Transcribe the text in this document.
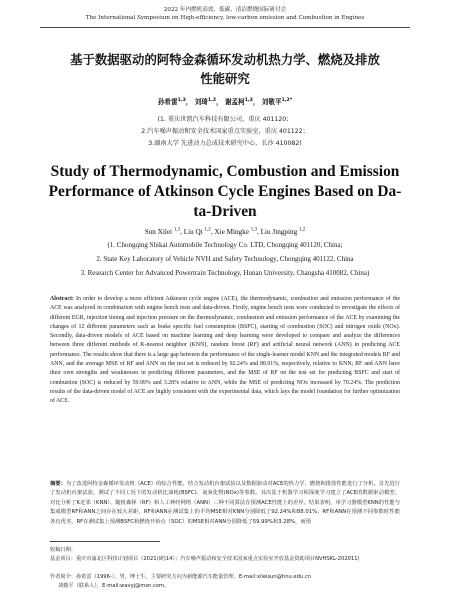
2022 年内燃机高效、低碳、清洁燃烧国际研讨会
The International Symposium on High-efficiency, low-carbon emission and Combustion in Engines
基于数据驱动的阿特金森循环发动机热力学、燃烧及排放
性能研究
孙希雷$^{1,3}$， 刘琦$^{1,2}$， 谢孟柯$^{1,3}$， 刘敬平$^{1,2*}$
(1. 重庆世凯汽车科技有限公司，重庆 401120；
2.汽车噪声振动和安全技术国家重点实验室，重庆 401122；
3.湖南大学 先进动力总成技术研究中心，长沙 410082)
Study of Thermodynamic, Combustion and Emission
Performance of Atkinson Cycle Engines Based on Da-
ta-Driven
Sun Xilei $^{1,3}$, Liu Qi $^{1,2}$, Xie Mingke $^{1,3}$, Liu Jingping $^{1,2}$
(1. Chongqing Shikai Automobile Technology Co. LTD, Chongqing 401120, China;
2. State Key Laboratory of Vehicle NVH and Safety Technology, Chongqing 401122, China
3. Research Center for Advanced Powertrain Technology, Hunan University, Changsha 410082, China)
Abstract: In order to develop a more efficient Atkinson cycle engine (ACE), the thermodynamic, combustion and emission performance of the ACE was analyzed in combination with engine bench tests and data-driven. Firstly, engine bench tests were conducted to investigate the effects of different EGR, injection timing and injection pressure on the thermodynamic, combustion and emission performance of the ACE by examining the changes of 12 different parameters such as brake specific fuel consumption (BSFC), starting of combustion (SOC) and nitrogen oxide (NOx). Secondly, data-driven models of ACE based on machine learning and deep learning were developed to compare and analyze the differences between three different methods of K-nearest neighbor (KNN), random forest (RF) and artificial neural network (ANN) in predicting ACE performance. The results show that there is a large gap between the performance of the single-learner model KNN and the integrated models RF and ANN, and the average MSE of RF and ANN on the test set is reduced by 92.24% and 88.01%, respectively, relative to KNN; RF and ANN have their own strengths and weaknesses in predicting different parameters, and the MSE of RF on the test set for predicting BSFC and start of combustion (SOC) is reduced by 59.99% and 3.28% relative to ANN, while the MSE of predicting NOx increased by 70.24%. The prediction results of the data-driven model of ACE are highly consistent with the experimental data, which lays the model foundation for further optimization of ACE.
摘要：为了改进阿特金森循环发动机（ACE）的综合性能，结合发动机台架试验以及数据驱动对ACE的热力学、燃烧和排放性能进行了分析。首先进行了发动机台架试验，测试了不同工况下的发动机比油耗(BSFC)、氮氧化物(NOx)等参数。其次基于机器学习和深度学习建立了ACE的数据驱动模型，对比分析了K近邻（KNN）、随机森林（RF）和人工神经网络（ANN）三种不同算法在预测ACE性能上的差异。结果表明，单学习器模型KNN的性能与集成模型RF和ANN之间存在较大差距，RF和ANN在测试集上的平均MSE相对KNN分别降低了92.24%和88.01%；RF和ANN在预测不同参数时性能各有优劣，RF在测试集上预测BSFC和燃烧开始点（SOC）的MSE相对ANN分别降低了59.99%和3.28%，而预
收稿日期：
基金项目：重庆市渝北区科技计划项目（2021(研)14）；汽车噪声振动和安全技术国家重点实验室开放基金资助项目NVHSKL-202011)
作者简介：孙希雷（1996-），男，博士生，主要研究方向为新能源汽车能量管理。E-mail:xileisun@hnu.edu.cn
刘敬平（联系人），E-mail:wavyj@msn.com。
